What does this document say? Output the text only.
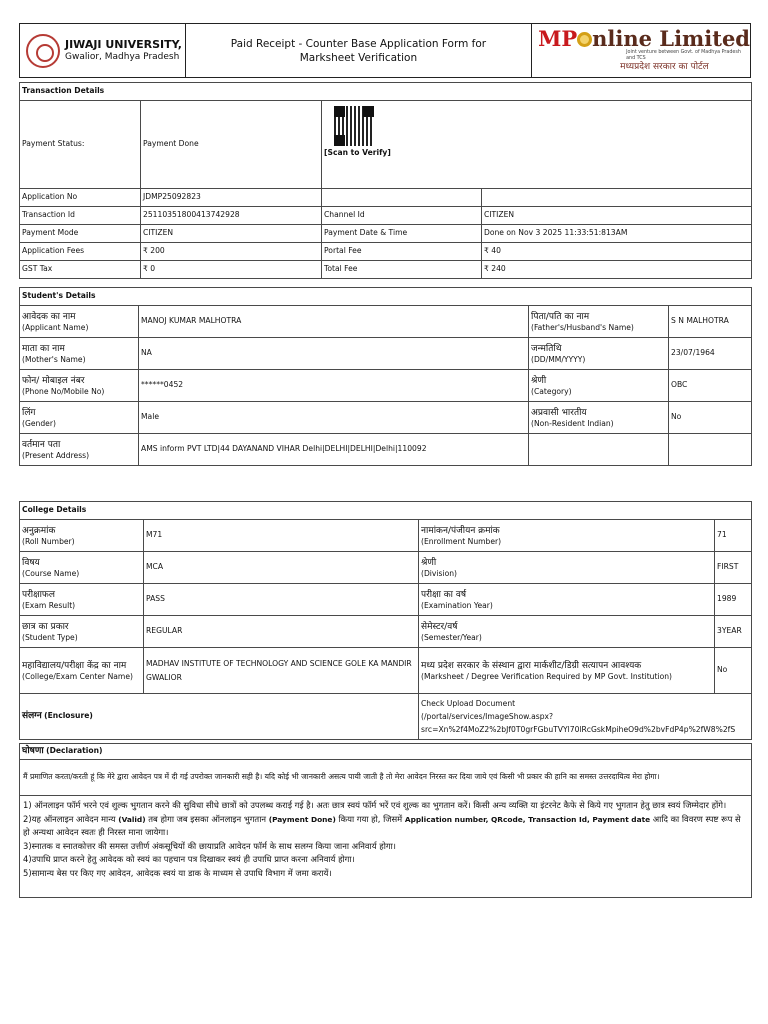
JIWAJI UNIVERSITY,
Gwalior, Madhya Pradesh
Paid Receipt - Counter Base Application Form for Marksheet Verification
MP nline Limited
Joint venture between Govt. of Madhya Pradesh and TCS
मध्यप्रदेश सरकार का पोर्टल
Transaction Details			
Payment Status:	Payment Done	[Scan to Verify]	

Application No	JDMP25092823		
Transaction Id	25110351800413742928	Channel Id	CITIZEN
Payment Mode	CITIZEN	Payment Date & Time	Done on Nov 3 2025 11:33:51:813AM
Application Fees	₹ 200	Portal Fee	₹ 40
GST Tax	₹ 0	Total Fee	₹ 240
Student's Details			

आवेदक का नाम
(Applicant Name)	MANOJ KUMAR MALHOTRA	पिता/पति का नाम
(Father's/Husband's Name)	S N MALHOTRA

माता का नाम
(Mother's Name)	NA	जन्मतिथि
(DD/MM/YYYY)	23/07/1964

फोन/ मोबाइल नंबर
(Phone No/Mobile No)	******0452	श्रेणी
(Category)	OBC

लिंग
(Gender)	Male	अप्रवासी भारतीय
(Non-Resident Indian)	No

वर्तमान पता
(Present Address)	AMS inform PVT LTD|44 DAYANAND VIHAR Delhi|DELHI|DELHI|Delhi|110092		
College Details			

अनुक्रमांक
(Roll Number)	M71	नामांकन/पंजीयन क्रमांक
(Enrollment Number)	71

विषय
(Course Name)	MCA	श्रेणी
(Division)	FIRST

परीक्षाफल
(Exam Result)	PASS	परीक्षा का वर्ष
(Examination Year)	1989

छात्र का प्रकार
(Student Type)	REGULAR	सेमेस्टर/वर्ष
(Semester/Year)	3YEAR

महाविद्यालय/परीक्षा केंद्र का नाम
(College/Exam Center Name)	MADHAV INSTITUTE OF TECHNOLOGY AND SCIENCE GOLE KA MANDIR GWALIOR	मध्य प्रदेश सरकार के संस्थान द्वारा मार्कशीट/डिग्री सत्यापन आवश्यक
(Marksheet / Degree Verification Required by MP Govt. Institution)	No
संलग्न (Enclosure)		Check Upload Document
(/portal/services/ImageShow.aspx?
src=Xn%2f4MoZ2%2bJf0T0grFGbuTVYl70lRcGskMpiheO9d%2bvFdP4p%2fW8%2fS	
घोषणा (Declaration)
मैं प्रमाणित करता/करती हूं कि मेरे द्वारा आवेदन पत्र में दी गई उपरोक्त जानकारी सही है। यदि कोई भी जानकारी असत्य पायी जाती है तो मेरा आवेदन निरस्त कर दिया जाये एवं किसी भी प्रकार की हानि का समस्त उत्तरदायित्व मेरा होगा।

1) ऑनलाइन फॉर्म भरने एवं शुल्क भुगतान करने की सुविधा सीधे छात्रों को उपलब्ध कराई गई है। अतः छात्र स्वयं फॉर्म भरें एवं शुल्क का भुगतान करें। किसी अन्य व्यक्ति या इंटरनेट कैफे से किये गए भुगतान हेतु छात्र स्वयं जिम्मेदार होंगे।
2)यह ऑनलाइन आवेदन मान्य (Valid) तब होगा जब इसका ऑनलाइन भुगतान (Payment Done) किया गया हो, जिसमें Application number, QRcode, Transaction Id, Payment date आदि का विवरण स्पष्ट रूप से हो अन्यथा आवेदन स्वतः ही निरस्त माना जायेगा।
3)स्नातक व स्नातकोत्तर की समस्त उत्तीर्ण अंकसूचियों की छायाप्रति आवेदन फॉर्म के साथ सलग्न किया जाना अनिवार्य होगा।
4)उपाधि प्राप्त करने हेतु आवेदक को स्वयं का पहचान पत्र दिखाकर स्वयं ही उपाधि प्राप्त करना अनिवार्य होगा।
5)सामान्य बेस पर किए गए आवेदन, आवेदक स्वयं या डाक के माध्यम से उपाधि विभाग में जमा करायें।
